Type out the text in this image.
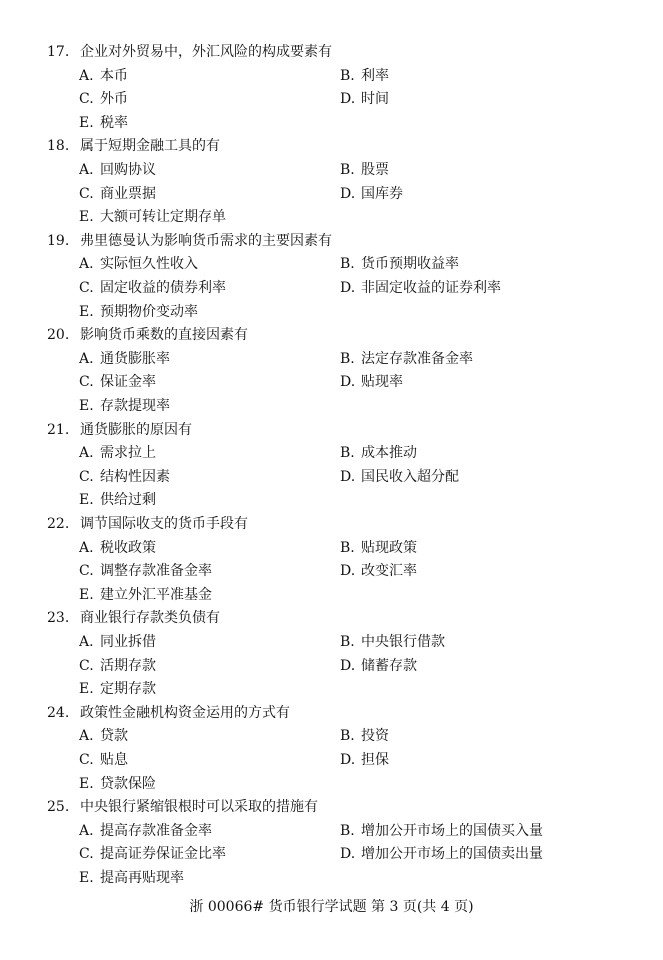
17. 企业对外贸易中，外汇风险的构成要素有
A. 本币	B. 利率
C. 外币	D. 时间
E. 税率
18. 属于短期金融工具的有
A. 回购协议	B. 股票
C. 商业票据	D. 国库券
E. 大额可转让定期存单
19. 弗里德曼认为影响货币需求的主要因素有
A. 实际恒久性收入	B. 货币预期收益率
C. 固定收益的债券利率	D. 非固定收益的证券利率
E. 预期物价变动率
20. 影响货币乘数的直接因素有
A. 通货膨胀率	B. 法定存款准备金率
C. 保证金率	D. 贴现率
E. 存款提现率
21. 通货膨胀的原因有
A. 需求拉上	B. 成本推动
C. 结构性因素	D. 国民收入超分配
E. 供给过剩
22. 调节国际收支的货币手段有
A. 税收政策	B. 贴现政策
C. 调整存款准备金率	D. 改变汇率
E. 建立外汇平准基金
23. 商业银行存款类负债有
A. 同业拆借	B. 中央银行借款
C. 活期存款	D. 储蓄存款
E. 定期存款
24. 政策性金融机构资金运用的方式有
A. 贷款	B. 投资
C. 贴息	D. 担保
E. 贷款保险
25. 中央银行紧缩银根时可以采取的措施有
A. 提高存款准备金率	B. 增加公开市场上的国债买入量
C. 提高证券保证金比率	D. 增加公开市场上的国债卖出量
E. 提高再贴现率
浙 00066# 货币银行学试题 第 3 页(共 4 页)
